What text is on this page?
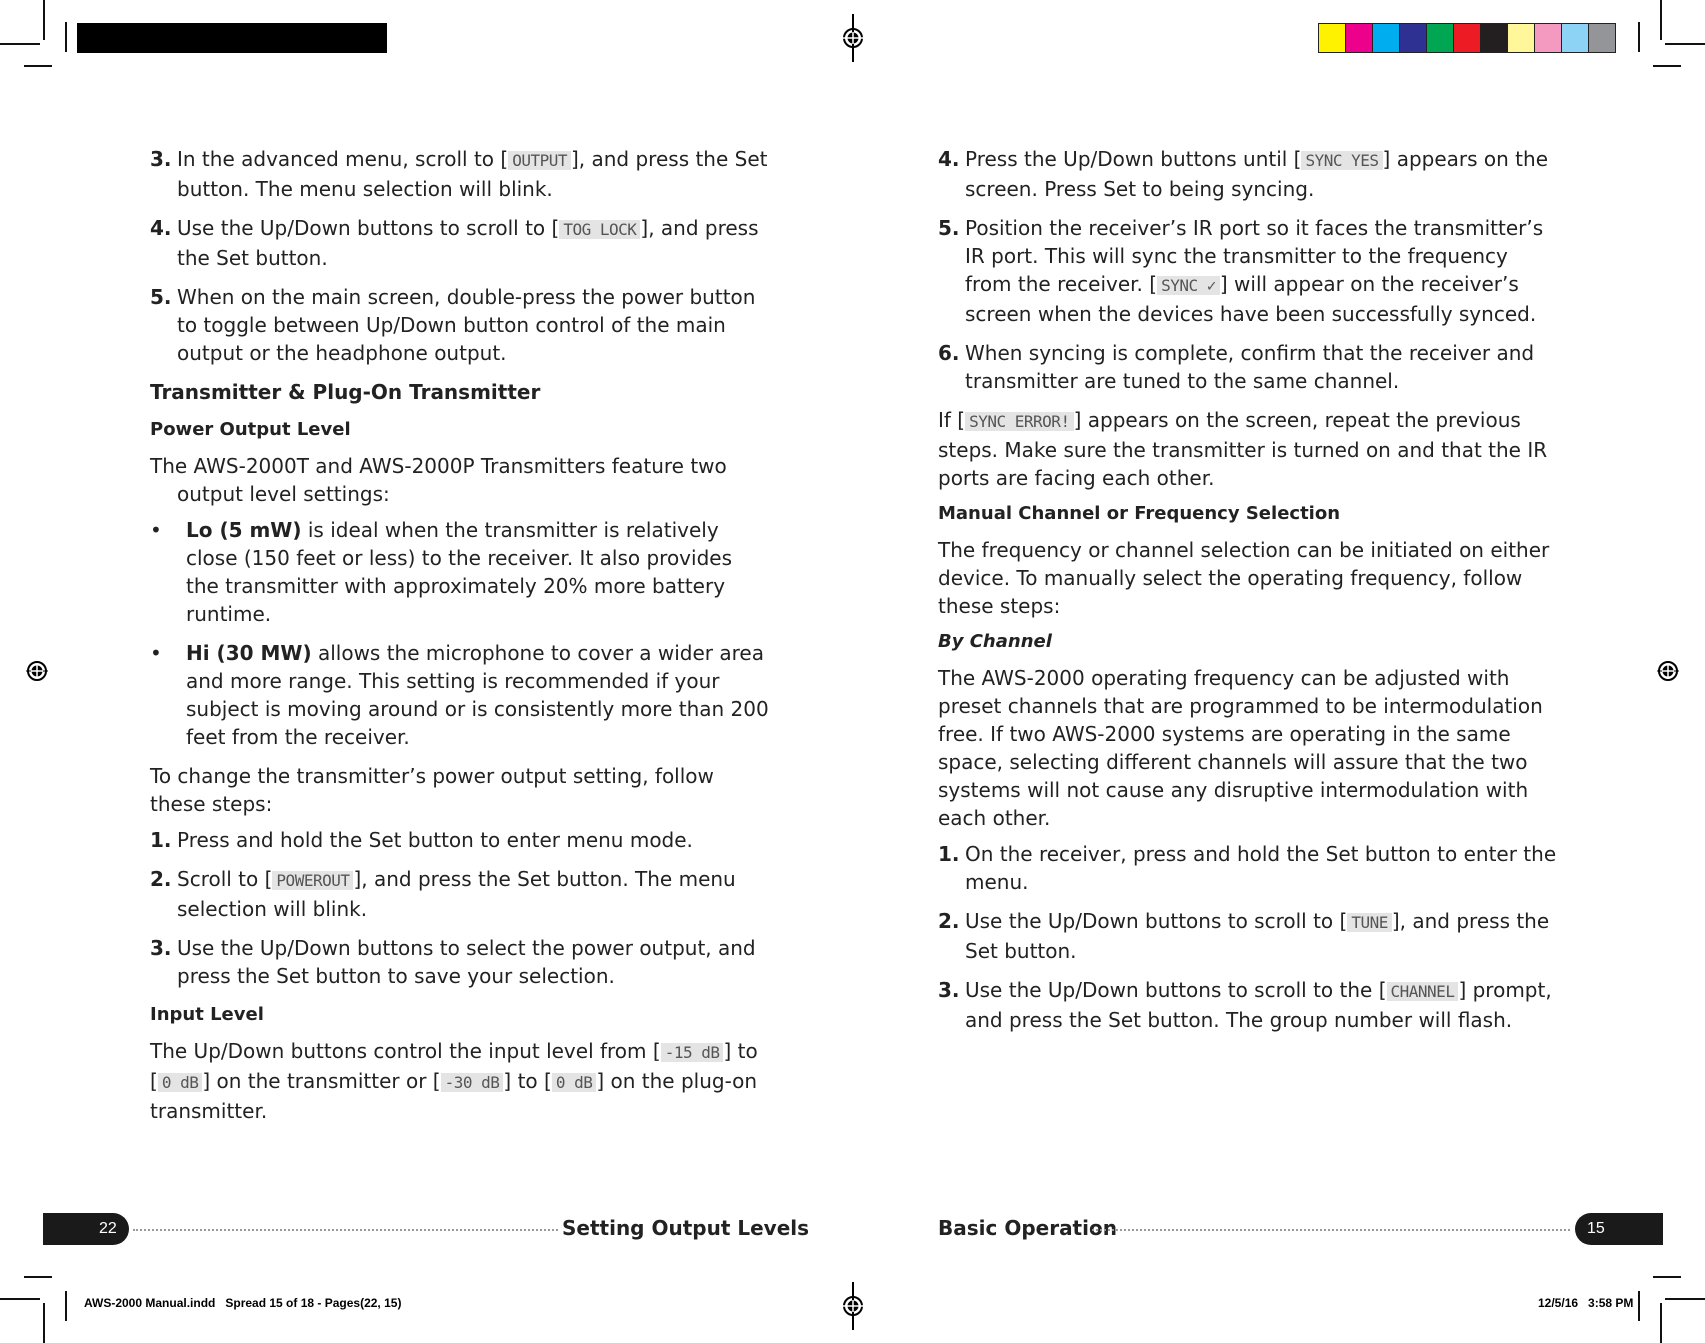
3. In the advanced menu, scroll to [ OUTPUT ], and press the Set button. The menu selection will blink.
4. Use the Up/Down buttons to scroll to [ TOG LOCK ], and press the Set button.
5. When on the main screen, double-press the power button to toggle between Up/Down button control of the main output or the headphone output.
Transmitter & Plug-On Transmitter
Power Output Level
The AWS-2000T and AWS-2000P Transmitters feature two output level settings:
•	Lo (5 mW) is ideal when the transmitter is relatively close (150 feet or less) to the receiver. It also provides the transmitter with approximately 20% more battery runtime.
•	Hi (30 MW) allows the microphone to cover a wider area and more range. This setting is recommended if your subject is moving around or is consistently more than 200 feet from the receiver.
To change the transmitter’s power output setting, follow these steps:
1. Press and hold the Set button to enter menu mode.
2. Scroll to [ POWEROUT ], and press the Set button. The menu selection will blink.
3. Use the Up/Down buttons to select the power output, and press the Set button to save your selection.
Input Level
The Up/Down buttons control the input level from [ -15 dB ] to [ 0 dB ] on the transmitter or [ -30 dB ] to [ 0 dB ] on the plug-on transmitter.
4. Press the Up/Down buttons until [ SYNC YES ] appears on the screen. Press Set to being syncing.
5. Position the receiver’s IR port so it faces the transmitter’s IR port. This will sync the transmitter to the frequency from the receiver. [ SYNC ✓ ] will appear on the receiver’s screen when the devices have been successfully synced.
6. When syncing is complete, confirm that the receiver and transmitter are tuned to the same channel.
If [ SYNC ERROR! ] appears on the screen, repeat the previous steps. Make sure the transmitter is turned on and that the IR ports are facing each other.
Manual Channel or Frequency Selection
The frequency or channel selection can be initiated on either device. To manually select the operating frequency, follow these steps:
By Channel
The AWS-2000 operating frequency can be adjusted with preset channels that are programmed to be intermodulation free. If two AWS-2000 systems are operating in the same space, selecting different channels will assure that the two systems will not cause any disruptive intermodulation with each other.
1. On the receiver, press and hold the Set button to enter the menu.
2. Use the Up/Down buttons to scroll to [ TUNE ], and press the Set button.
3. Use the Up/Down buttons to scroll to the [ CHANNEL ] prompt, and press the Set button. The group number will flash.
22	Setting Output Levels	Basic Operation	15
AWS-2000 Manual.indd   Spread 15 of 18 - Pages(22, 15)	12/5/16   3:58 PM
